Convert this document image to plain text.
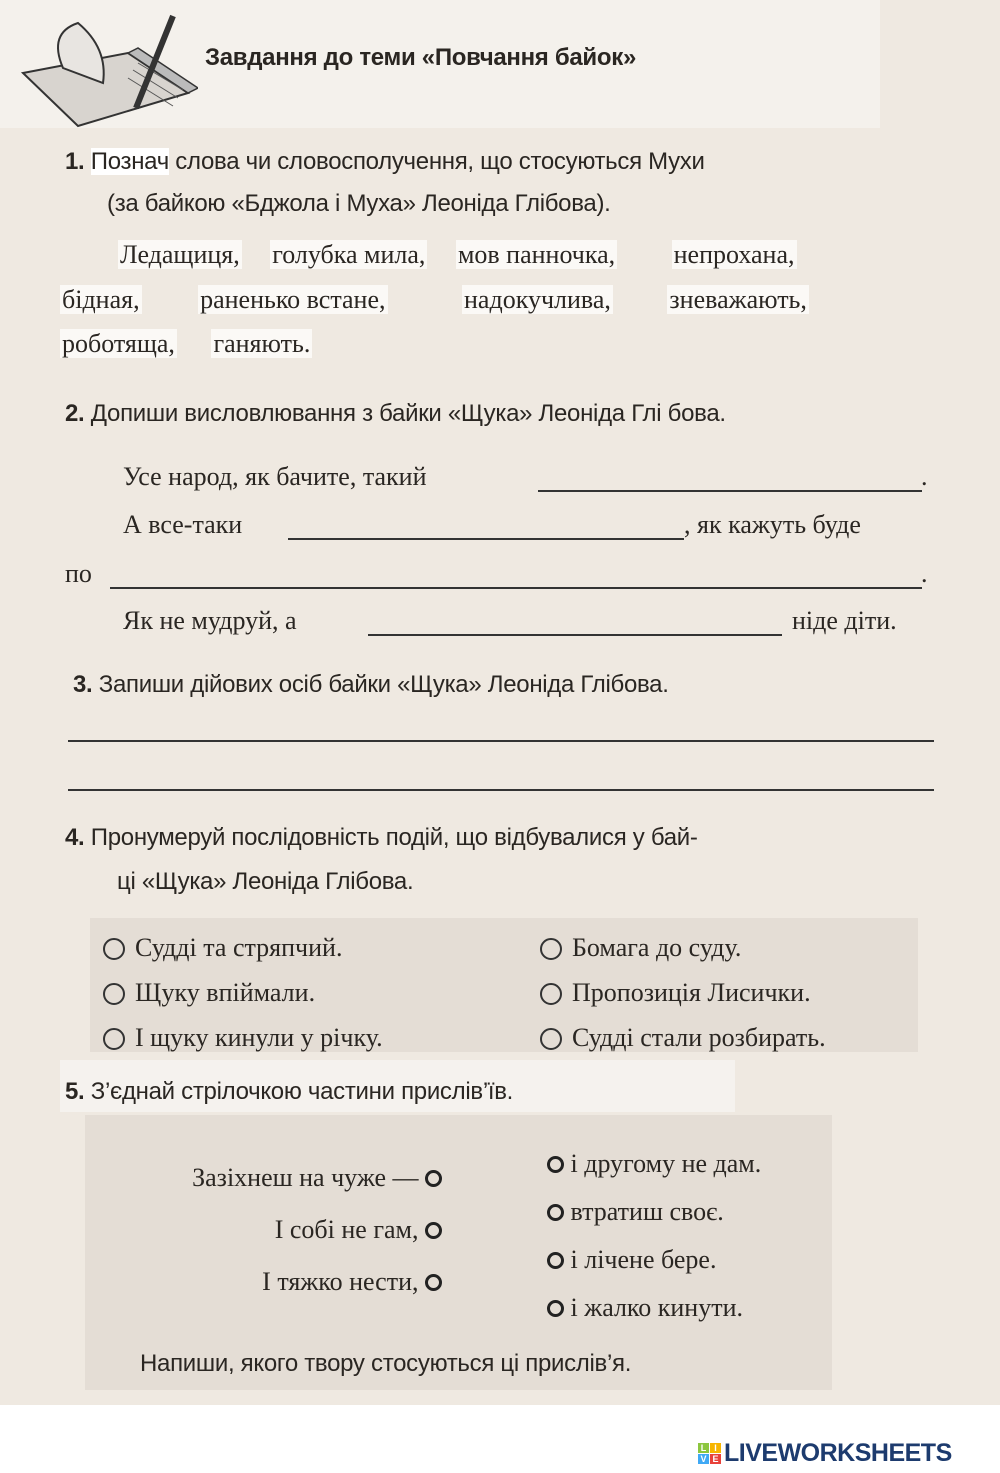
Завдання до теми «Повчання байок»
1. Познач слова чи словосполучення, що стосуються Мухи
(за байкою «Бджола і Муха» Леоніда Глібова).
Ледащиця, голубка мила, мов панночка, непрохана,
бідная, раненько встане,	надокучлива, зневажають,
роботяща, ганяють.
2. Допиши висловлювання з байки «Щука» Леоніда Глі бова.
Усе народ, як бачите, такий	.
А все-таки	, як кажуть буде
по	.
Як не мудруй, а	ніде діти.
3. Запиши дійових осіб байки «Щука» Леоніда Глібова.
4. Пронумеруй послідовність подій, що відбувалися у бай-
ці «Щука» Леоніда Глібова.
Судді та стряпчий.
Щуку впіймали.
І щуку кинули у річку.
Бомага до суду.
Пропозиція Лисички.
Судді стали розбирать.
5. З’єднай стрілочкою частини прислів’їв.
Зазіхнеш на чуже —
І собі не гам,
І тяжко нести,
і другому не дам.
втратиш своє.
і лічене бере.
і жалко кинути.
Напиши, якого твору стосуються ці прислів’я.
L I
V E LIVEWORKSHEETS
